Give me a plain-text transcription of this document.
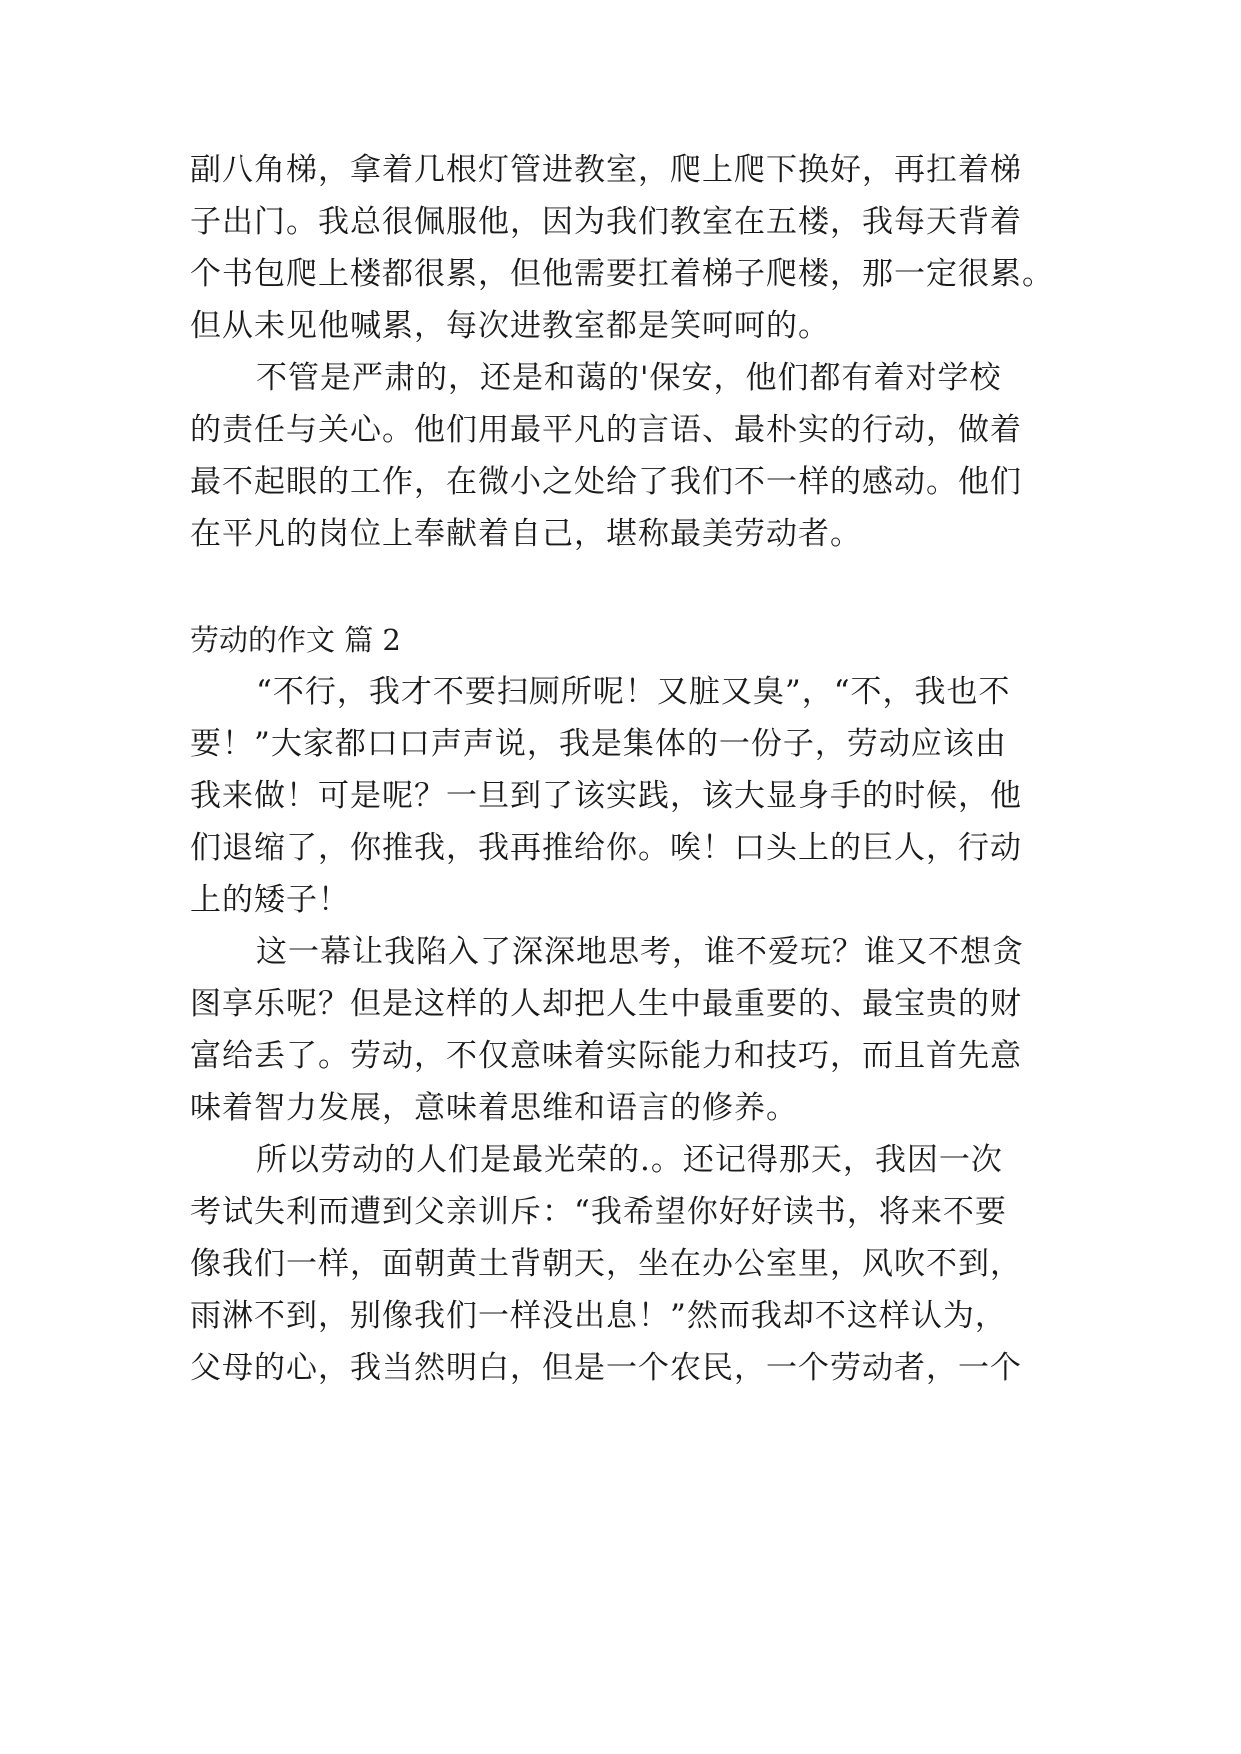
副八角梯，拿着几根灯管进教室，爬上爬下换好，再扛着梯
子出门。我总很佩服他，因为我们教室在五楼，我每天背着
个书包爬上楼都很累，但他需要扛着梯子爬楼，那一定很累。
但从未见他喊累，每次进教室都是笑呵呵的。
不管是严肃的，还是和蔼的'保安，他们都有着对学校
的责任与关心。他们用最平凡的言语、最朴实的行动，做着
最不起眼的工作，在微小之处给了我们不一样的感动。他们
在平凡的岗位上奉献着自己，堪称最美劳动者。
劳动的作文 篇 2
“不行，我才不要扫厕所呢！又脏又臭”，“不，我也不
要！”大家都口口声声说，我是集体的一份子，劳动应该由
我来做！可是呢？一旦到了该实践，该大显身手的时候，他
们退缩了，你推我，我再推给你。唉！口头上的巨人，行动
上的矮子！
这一幕让我陷入了深深地思考，谁不爱玩？谁又不想贪
图享乐呢？但是这样的人却把人生中最重要的、最宝贵的财
富给丢了。劳动，不仅意味着实际能力和技巧，而且首先意
味着智力发展，意味着思维和语言的修养。
所以劳动的人们是最光荣的.。还记得那天，我因一次
考试失利而遭到父亲训斥：“我希望你好好读书，将来不要
像我们一样，面朝黄土背朝天，坐在办公室里，风吹不到，
雨淋不到，别像我们一样没出息！”然而我却不这样认为，
父母的心，我当然明白，但是一个农民，一个劳动者，一个
